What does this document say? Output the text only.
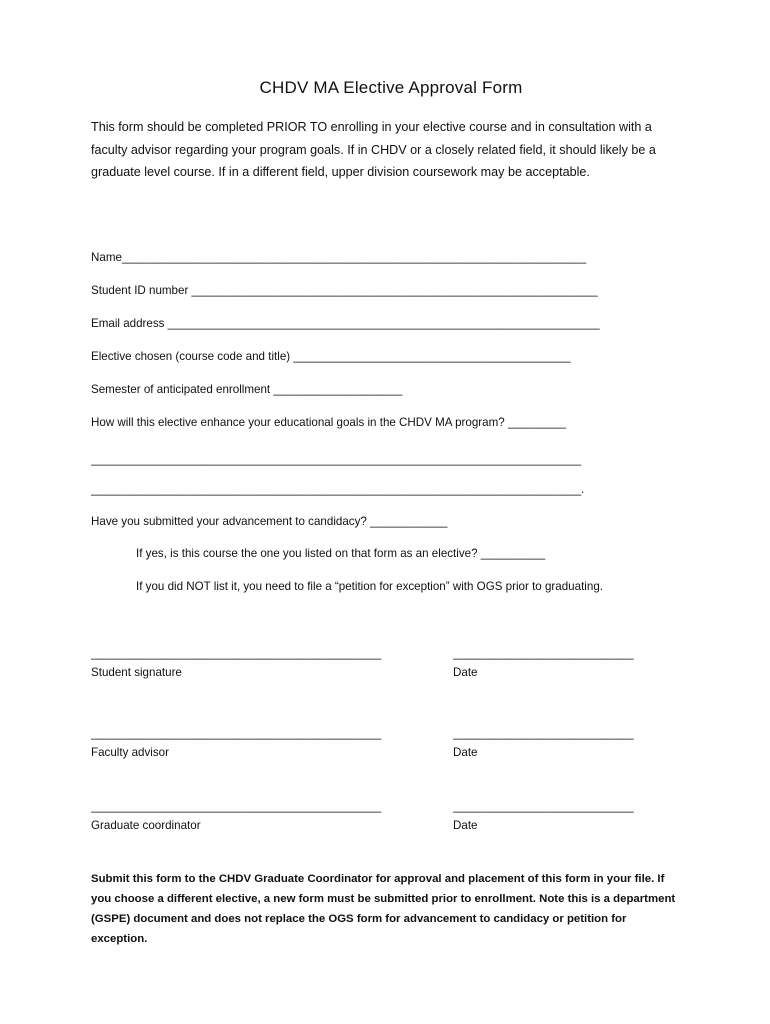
CHDV MA Elective Approval Form
This form should be completed PRIOR TO enrolling in your elective course and in consultation with a faculty advisor regarding your program goals. If in CHDV or a closely related field, it should likely be a graduate level course. If in a different field, upper division coursework may be acceptable.
Name________________________________________________________________________
Student ID number _______________________________________________________________
Email address ___________________________________________________________________
Elective chosen (course code and title) ___________________________________________
Semester of anticipated enrollment ____________________
How will this elective enhance your educational goals in the CHDV MA program? _________
____________________________________________________________________________
____________________________________________________________________________.
Have you submitted your advancement to candidacy? ____________
If yes, is this course the one you listed on that form as an elective? __________
If you did NOT list it, you need to file a “petition for exception” with OGS prior to graduating.
_____________________________________________	____________________________
Student signature	Date
_____________________________________________	____________________________
Faculty advisor	Date
_____________________________________________	____________________________
Graduate coordinator	Date
Submit this form to the CHDV Graduate Coordinator for approval and placement of this form in your file. If you choose a different elective, a new form must be submitted prior to enrollment. Note this is a department (GSPE) document and does not replace the OGS form for advancement to candidacy or petition for exception.
